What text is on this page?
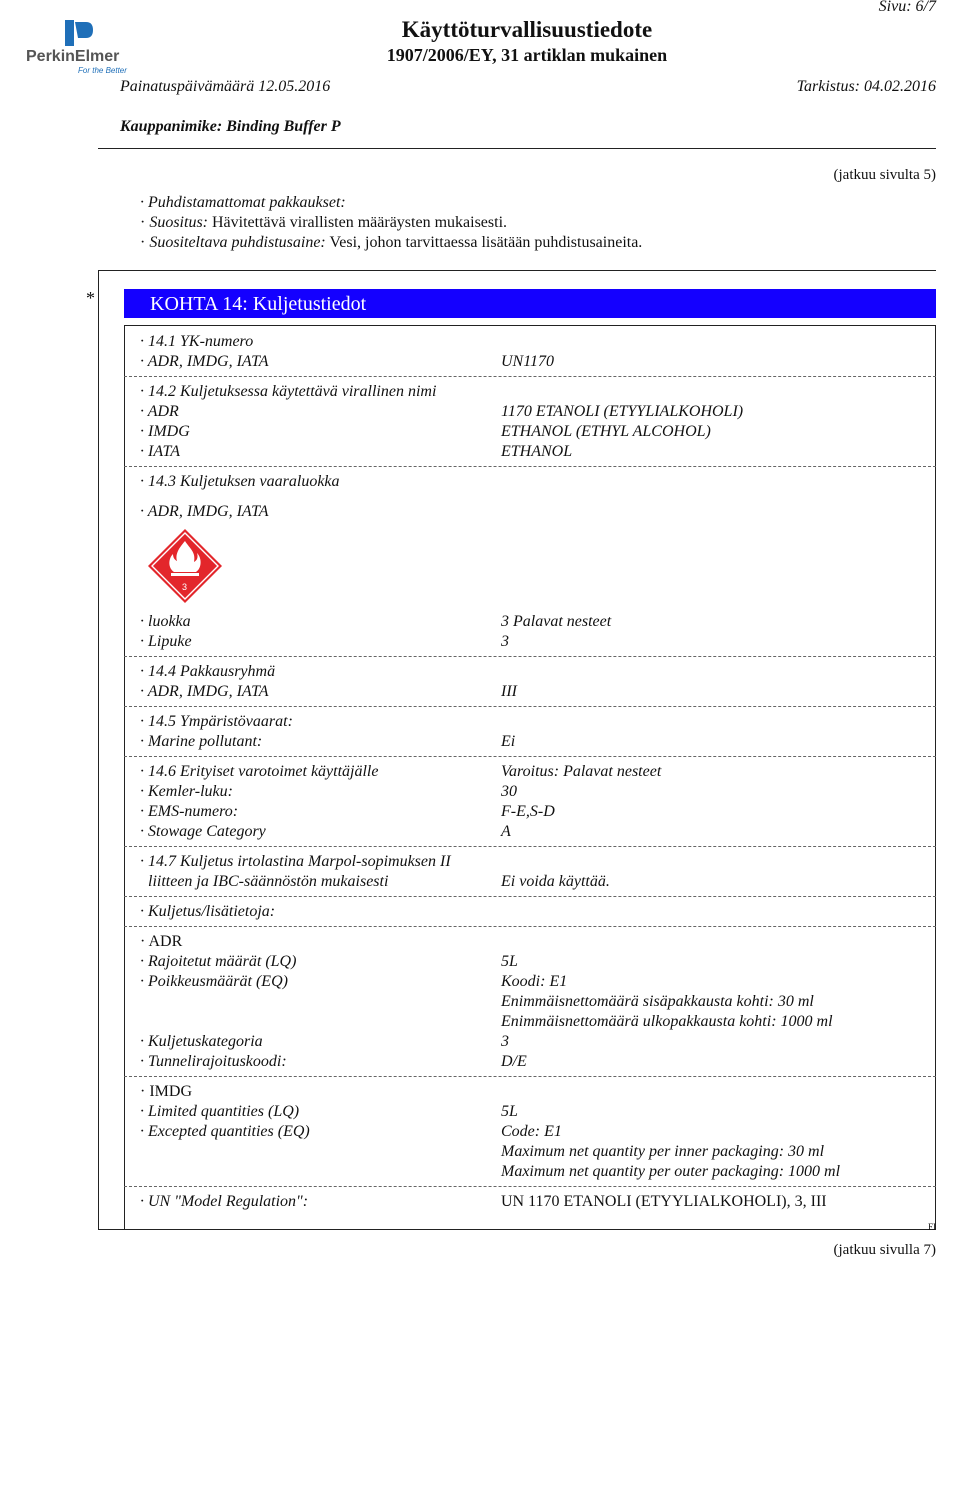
PerkinElmer
For the Better
Sivu: 6/7
Käyttöturvallisuustiedote
1907/2006/EY, 31 artiklan mukainen
Painatuspäivämäärä 12.05.2016	Tarkistus: 04.02.2016
Kauppanimike: Binding Buffer P
(jatkuu sivulta 5)
· Puhdistamattomat pakkaukset:
· Suositus: Hävitettävä virallisten määräysten mukaisesti.
· Suositeltava puhdistusaine: Vesi, johon tarvittaessa lisätään puhdistusaineita.
*	KOHTA 14: Kuljetustiedot
· 14.1 YK-numero
· ADR, IMDG, IATA	UN1170
· 14.2 Kuljetuksessa käytettävä virallinen nimi
· ADR	1170 ETANOLI (ETYYLIALKOHOLI)
· IMDG	ETHANOL (ETHYL ALCOHOL)
· IATA	ETHANOL
· 14.3 Kuljetuksen vaaraluokka
· ADR, IMDG, IATA
3
· luokka	3 Palavat nesteet
· Lipuke	3
· 14.4 Pakkausryhmä
· ADR, IMDG, IATA	III
· 14.5 Ympäristövaarat:
· Marine pollutant:	Ei
· 14.6 Erityiset varotoimet käyttäjälle	Varoitus: Palavat nesteet
· Kemler-luku:	30
· EMS-numero:	F-E,S-D
· Stowage Category	A
· 14.7 Kuljetus irtolastina Marpol-sopimuksen II
liitteen ja IBC-säännöstön mukaisesti	Ei voida käyttää.
· Kuljetus/lisätietoja:
· ADR
· Rajoitetut määrät (LQ)	5L
· Poikkeusmäärät (EQ)	Koodi: E1
Enimmäisnettomäärä sisäpakkausta kohti: 30 ml
Enimmäisnettomäärä ulkopakkausta kohti: 1000 ml
· Kuljetuskategoria	3
· Tunnelirajoituskoodi:	D/E
· IMDG
· Limited quantities (LQ)	5L
· Excepted quantities (EQ)	Code: E1
Maximum net quantity per inner packaging: 30 ml
Maximum net quantity per outer packaging: 1000 ml
· UN "Model Regulation":	UN 1170 ETANOLI (ETYYLIALKOHOLI), 3, III
FI
(jatkuu sivulla 7)
